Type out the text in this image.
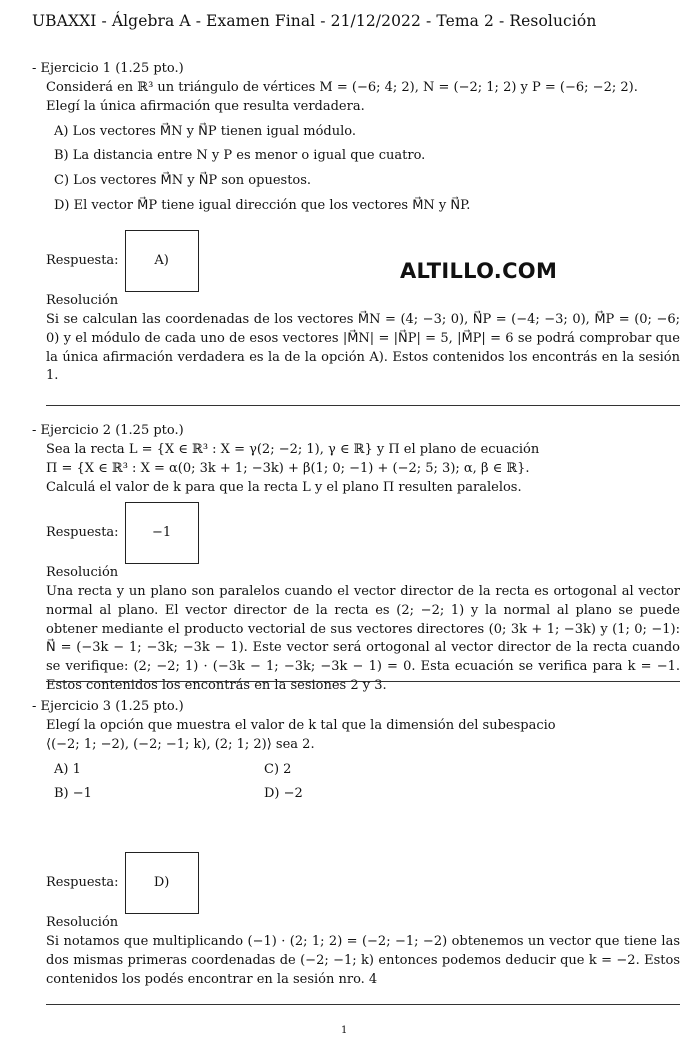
UBAXXI - Álgebra A - Examen Final - 21/12/2022 - Tema 2 - Resolución
ALTILLO.COM

- Ejercicio 1 (1.25 pto.)

Considerá en ℝ³ un triángulo de vértices M = (−6; 4; 2), N = (−2; 1; 2) y P = (−6; −2; 2).

Elegí la única afirmación que resulta verdadera.

A) Los vectores M⃗N y N⃗P tienen igual módulo.

B) La distancia entre N y P es menor o igual que cuatro.

C) Los vectores M⃗N y N⃗P son opuestos.

D) El vector M⃗P tiene igual dirección que los vectores M⃗N y N⃗P.

Respuesta:	A)

Resolución

Si se calculan las coordenadas de los vectores M⃗N = (4; −3; 0), N⃗P = (−4; −3; 0), M⃗P = (0; −6; 0) y el módulo de cada uno de esos vectores |M⃗N| = |N⃗P| = 5, |M⃗P| = 6 se podrá comprobar que la única afirmación verdadera es la de la opción A). Estos contenidos los encontrás en la sesión 1.

- Ejercicio 2 (1.25 pto.)

Sea la recta L = {X ∈ ℝ³ : X = γ(2; −2; 1), γ ∈ ℝ} y Π el plano de ecuación

Π = {X ∈ ℝ³ : X = α(0; 3k + 1; −3k) + β(1; 0; −1) + (−2; 5; 3); α, β ∈ ℝ}.

Calculá el valor de k para que la recta L y el plano Π resulten paralelos.

Respuesta:	−1

Resolución

Una recta y un plano son paralelos cuando el vector director de la recta es ortogonal al vector normal al plano. El vector director de la recta es (2; −2; 1) y la normal al plano se puede obtener mediante el producto vectorial de sus vectores directores (0; 3k + 1; −3k) y (1; 0; −1): N⃗ = (−3k − 1; −3k; −3k − 1). Este vector será ortogonal al vector director de la recta cuando se verifique: (2; −2; 1) · (−3k − 1; −3k; −3k − 1) = 0. Esta ecuación se verifica para k = −1. Estos contenidos los encontrás en la sesiones 2 y 3.

- Ejercicio 3 (1.25 pto.)

Elegí la opción que muestra el valor de k tal que la dimensión del subespacio

⟨(−2; 1; −2), (−2; −1; k), (2; 1; 2)⟩ sea 2.

A) 1	C) 2
B) −1	D) −2
Respuesta:	D)

Resolución

Si notamos que multiplicando (−1) · (2; 1; 2) = (−2; −1; −2) obtenemos un vector que tiene las dos mismas primeras coordenadas de (−2; −1; k) entonces podemos deducir que k = −2. Estos contenidos los podés encontrar en la sesión nro. 4

1
